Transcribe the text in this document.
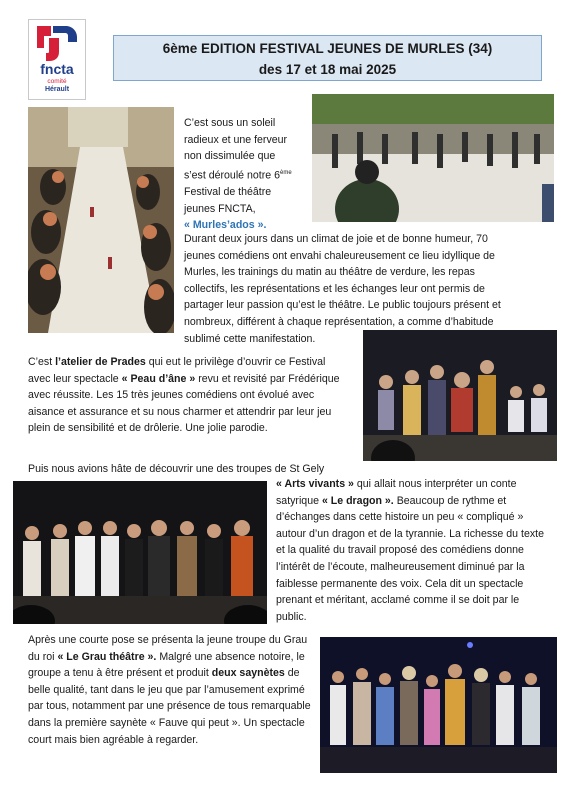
fncta
comité
Hérault
6ème EDITION FESTIVAL JEUNES DE MURLES (34)
des 17 et 18 mai 2025
C’est sous un soleil
radieux et une ferveur
non dissimulée que
s’est déroulé notre 6ème
Festival de théâtre
jeunes FNCTA,
« Murles’ados ».
Durant deux jours dans un climat de joie et de bonne humeur, 70
jeunes comédiens ont envahi chaleureusement ce lieu idyllique de
Murles, les trainings du matin au théâtre de verdure, les repas
collectifs, les représentations et les échanges leur ont permis de
partager leur passion qu’est le théâtre. Le public toujours présent et
nombreux, différent à chaque représentation, a comme d’habitude
sublimé cette manifestation.
C’est l’atelier de Prades qui eut le privilège d’ouvrir ce Festival avec leur spectacle « Peau d’âne » revu et revisité par Frédérique avec réussite. Les 15 très jeunes comédiens ont évolué avec aisance et assurance et su nous charmer et attendrir par leur jeu plein de sensibilité et de drôlerie. Une jolie parodie.
Puis nous avions hâte de découvrir une des troupes de St Gely
« Arts vivants » qui allait nous interpréter un conte satyrique « Le dragon ». Beaucoup de rythme et d’échanges dans cette histoire un peu « compliqué » autour d’un dragon et de la tyrannie. La richesse du texte et la qualité du travail proposé des comédiens donne l’intérêt de l’écoute, malheureusement diminué par la faiblesse permanente des voix. Cela dit un spectacle prenant et méritant, acclamé comme il se doit par le public.
Après une courte pose se présenta la jeune troupe du Grau du roi « Le Grau théâtre ». Malgré une absence notoire, le groupe a tenu à être présent et produit deux saynètes de belle qualité, tant dans le jeu que par l’amusement exprimé par tous, notamment par une présence de tous remarquable dans la première saynète « Fauve qui peut ». Un spectacle court mais bien agréable à regarder.
